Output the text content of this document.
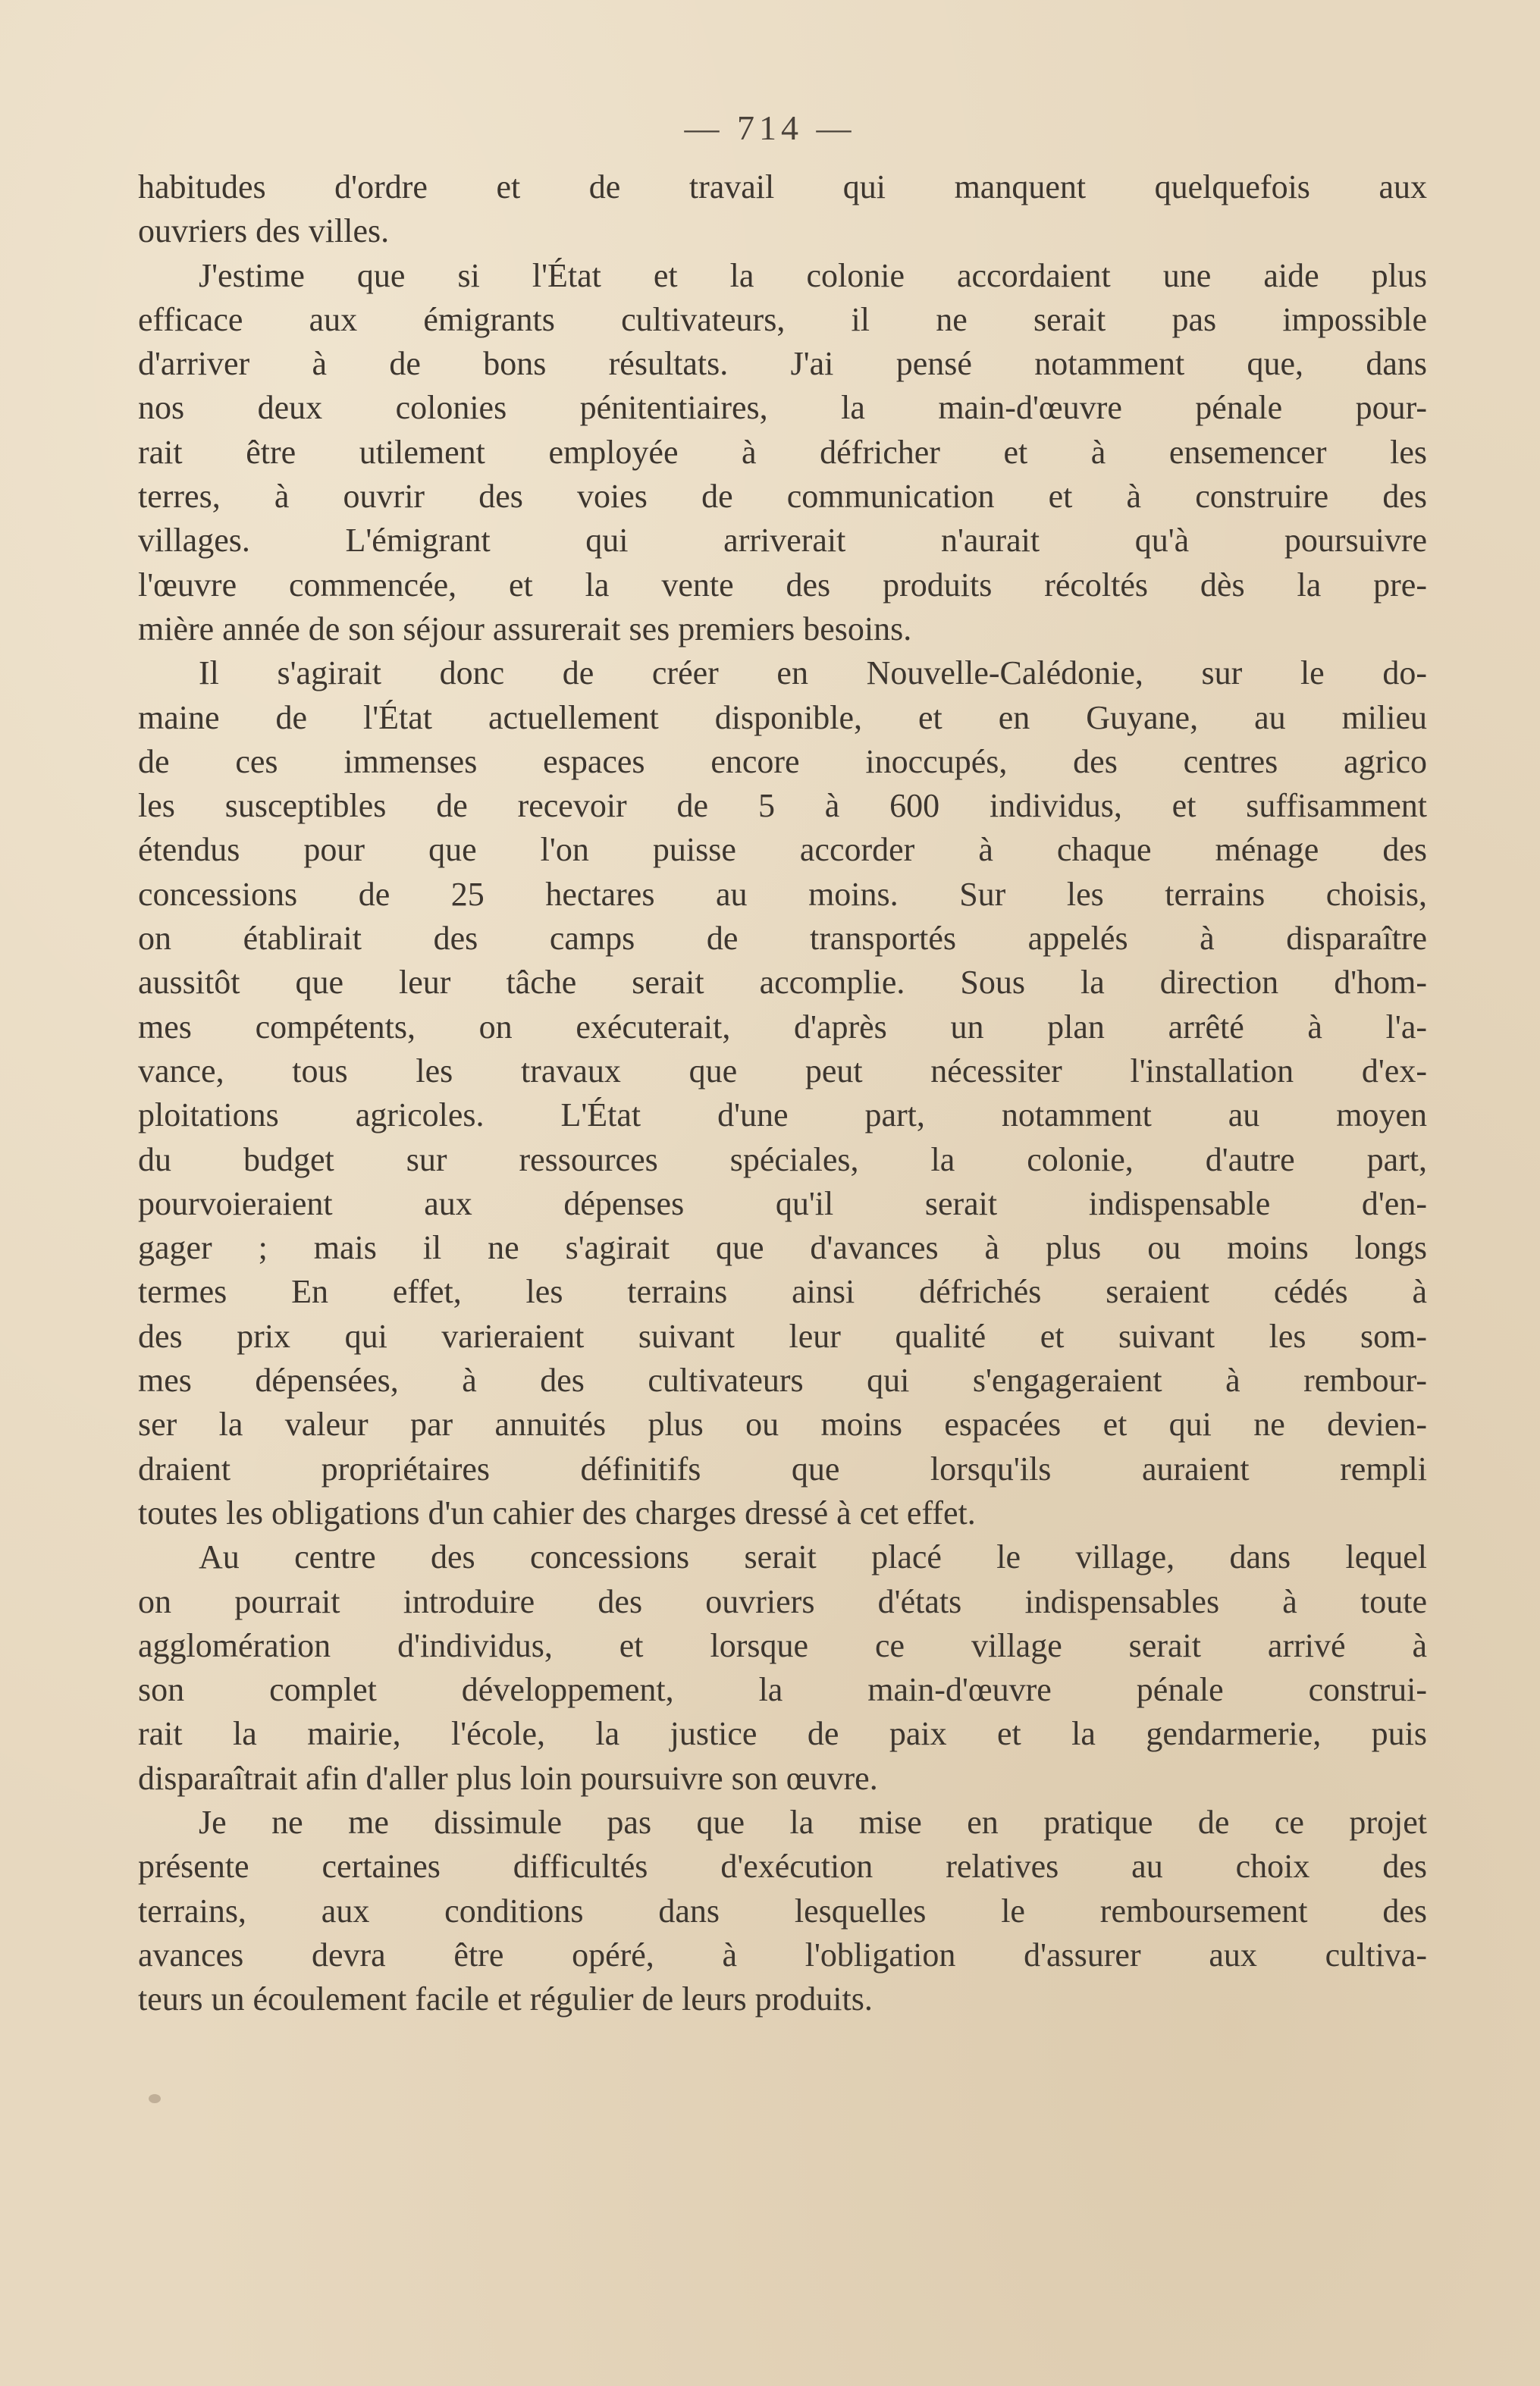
— 714 —
habitudes d'ordre et de travail qui manquent quelquefois aux
ouvriers des villes.
J'estime que si l'État et la colonie accordaient une aide plus
efficace aux émigrants cultivateurs, il ne serait pas impossible
d'arriver à de bons résultats. J'ai pensé notamment que, dans
nos deux colonies pénitentiaires, la main-d'œuvre pénale pour-
rait être utilement employée à défricher et à ensemencer les
terres, à ouvrir des voies de communication et à construire des
villages. L'émigrant qui arriverait n'aurait qu'à poursuivre
l'œuvre commencée, et la vente des produits récoltés dès la pre-
mière année de son séjour assurerait ses premiers besoins.
Il s'agirait donc de créer en Nouvelle-Calédonie, sur le do-
maine de l'État actuellement disponible, et en Guyane, au milieu
de ces immenses espaces encore inoccupés, des centres agrico
les susceptibles de recevoir de 5 à 600 individus, et suffisamment
étendus pour que l'on puisse accorder à chaque ménage des
concessions de 25 hectares au moins. Sur les terrains choisis,
on établirait des camps de transportés appelés à disparaître
aussitôt que leur tâche serait accomplie. Sous la direction d'hom-
mes compétents, on exécuterait, d'après un plan arrêté à l'a-
vance, tous les travaux que peut nécessiter l'installation d'ex-
ploitations agricoles. L'État d'une part, notamment au moyen
du budget sur ressources spéciales, la colonie, d'autre part,
pourvoieraient aux dépenses qu'il serait indispensable d'en-
gager ; mais il ne s'agirait que d'avances à plus ou moins longs
termes En effet, les terrains ainsi défrichés seraient cédés à
des prix qui varieraient suivant leur qualité et suivant les som-
mes dépensées, à des cultivateurs qui s'engageraient à rembour-
ser la valeur par annuités plus ou moins espacées et qui ne devien-
draient propriétaires définitifs que lorsqu'ils auraient rempli
toutes les obligations d'un cahier des charges dressé à cet effet.
Au centre des concessions serait placé le village, dans lequel
on pourrait introduire des ouvriers d'états indispensables à toute
agglomération d'individus, et lorsque ce village serait arrivé à
son complet développement, la main-d'œuvre pénale construi-
rait la mairie, l'école, la justice de paix et la gendarmerie, puis
disparaîtrait afin d'aller plus loin poursuivre son œuvre.
Je ne me dissimule pas que la mise en pratique de ce projet
présente certaines difficultés d'exécution relatives au choix des
terrains, aux conditions dans lesquelles le remboursement des
avances devra être opéré, à l'obligation d'assurer aux cultiva-
teurs un écoulement facile et régulier de leurs produits.
